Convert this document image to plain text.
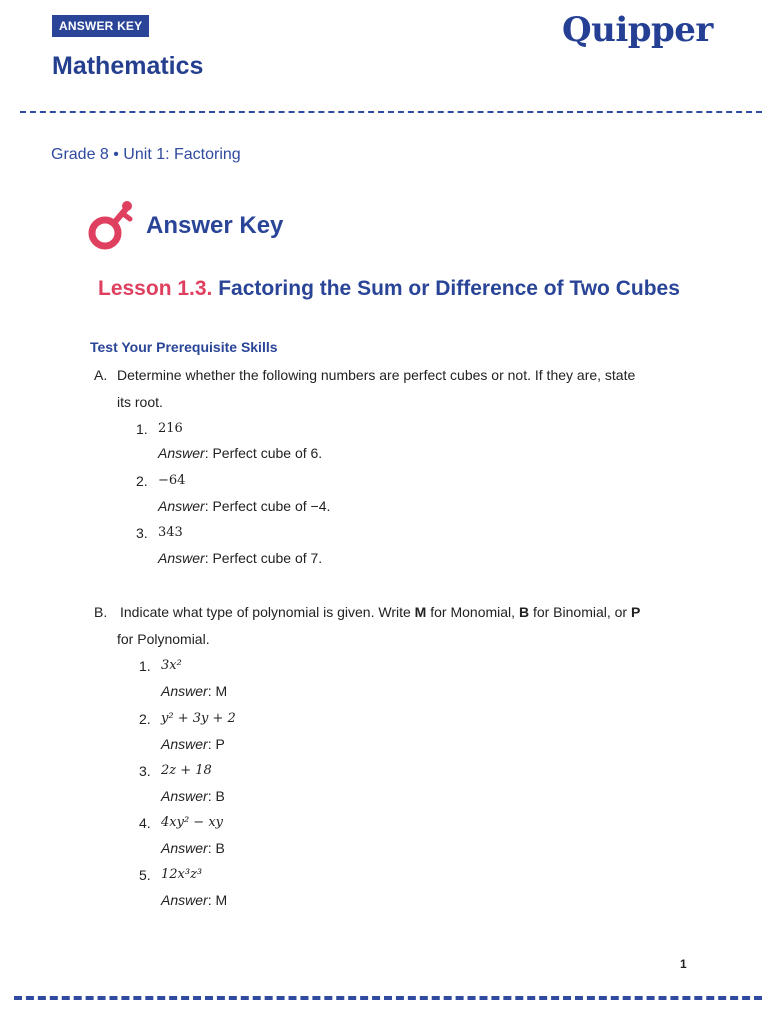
ANSWER KEY
Mathematics
Quipper
Grade 8 • Unit 1: Factoring
Answer Key
Lesson 1.3. Factoring the Sum or Difference of Two Cubes
Test Your Prerequisite Skills
A. Determine whether the following numbers are perfect cubes or not. If they are, state
its root.
1. 216
Answer: Perfect cube of 6.
2. −64
Answer: Perfect cube of −4.
3. 343
Answer: Perfect cube of 7.
B. Indicate what type of polynomial is given. Write M for Monomial, B for Binomial, or P
for Polynomial.
1. 3x²
Answer: M
2. y² + 3y + 2
Answer: P
3. 2z + 18
Answer: B
4. 4xy² − xy
Answer: B
5. 12x³z³
Answer: M
1
